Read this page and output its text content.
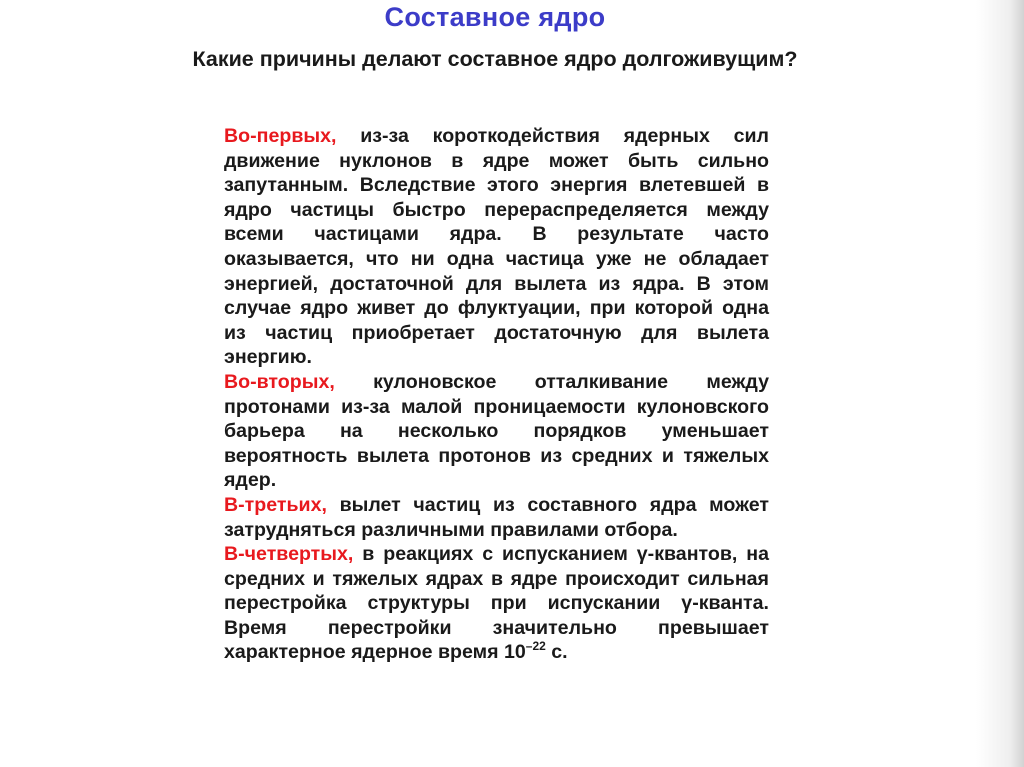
Составное ядро
Какие причины делают составное ядро долгоживущим?

Во-первых, из-за короткодействия ядерных сил движение нуклонов в ядре может быть сильно запутанным. Вследствие этого энергия влетевшей в ядро частицы быстро перераспределяется между всеми частицами ядра. В результате часто оказывается, что ни одна частица уже не обладает энергией, достаточной для вылета из ядра. В этом случае ядро живет до флуктуации, при которой одна из частиц приобретает достаточную для вылета энергию.

Во-вторых, кулоновское отталкивание между протонами из-за малой проницаемости кулоновского барьера на несколько порядков уменьшает вероятность вылета протонов из средних и тяжелых ядер.

В-третьих, вылет частиц из составного ядра может затрудняться различными правилами отбора.

В-четвертых, в реакциях с испусканием γ-квантов, на средних и тяжелых ядрах в ядре происходит сильная перестройка структуры при испускании γ-кванта. Время перестройки значительно превышает характерное ядерное время $10^{-22}$ с.
